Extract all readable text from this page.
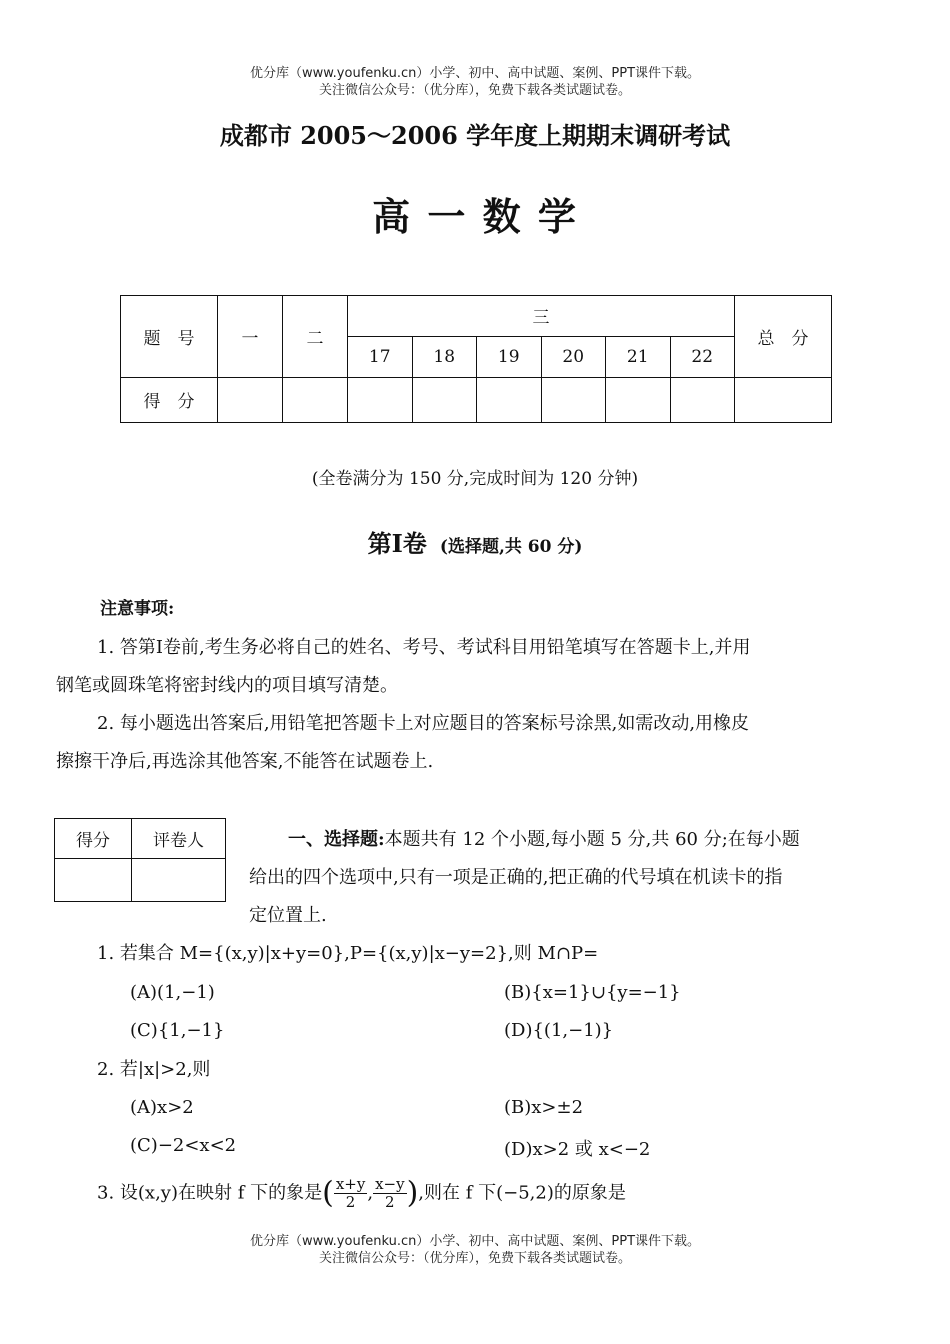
优分库（www.youfenku.cn）小学、初中、高中试题、案例、PPT课件下载。
关注微信公众号：（优分库），免费下载各类试题试卷。
成都市 2005～2006 学年度上期期末调研考试
高 一 数 学
题　号	一	二	三						总　分
			17	18	19	20	21	22	
得　分									
(全卷满分为 150 分,完成时间为 120 分钟)
第Ⅰ卷 (选择题,共 60 分)
注意事项:
1. 答第Ⅰ卷前,考生务必将自己的姓名、考号、考试科目用铅笔填写在答题卡上,并用
钢笔或圆珠笔将密封线内的项目填写清楚。
2. 每小题选出答案后,用铅笔把答题卡上对应题目的答案标号涂黑,如需改动,用橡皮
擦擦干净后,再选涂其他答案,不能答在试题卷上.
得分	评卷人
		一、选择题:本题共有 12 个小题,每小题 5 分,共 60 分;在每小题
给出的四个选项中,只有一项是正确的,把正确的代号填在机读卡的指
定位置上.
1. 若集合 M={(x,y)|x+y=0},P={(x,y)|x−y=2},则 M∩P=
(A)(1,−1)	(B){x=1}∪{y=−1}
(C){1,−1}	(D){(1,−1)}
2. 若|x|>2,则
(A)x>2	(B)x>±2
(C)−2<x<2	(D)x>2 或 x<−2
3. 设(x,y)在映射 f 下的象是( $\frac{x+y}{2}$ , $\frac{x-y}{2}$ ),则在 f 下(−5,2)的原象是
优分库（www.youfenku.cn）小学、初中、高中试题、案例、PPT课件下载。
关注微信公众号：（优分库），免费下载各类试题试卷。
